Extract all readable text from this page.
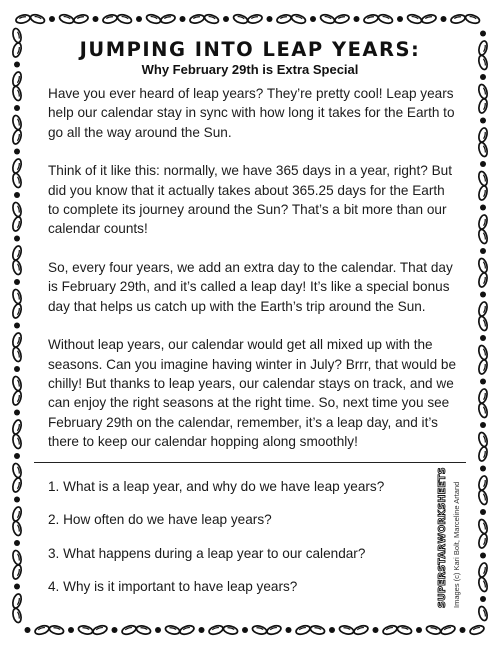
JUMPING INTO LEAP YEARS:
Why February 29th is Extra Special

Have you ever heard of leap years? They’re pretty cool! Leap years help our calendar stay in sync with how long it takes for the Earth to go all the way around the Sun.

Think of it like this: normally, we have 365 days in a year, right? But did you know that it actually takes about 365.25 days for the Earth to complete its journey around the Sun? That’s a bit more than our calendar counts!

So, every four years, we add an extra day to the calendar. That day is February 29th, and it’s called a leap day! It’s like a special bonus day that helps us catch up with the Earth’s trip around the Sun.

Without leap years, our calendar would get all mixed up with the seasons. Can you imagine having winter in July? Brrr, that would be chilly! But thanks to leap years, our calendar stays on track, and we can enjoy the right seasons at the right time. So, next time you see February 29th on the calendar, remember, it’s a leap day, and it’s there to keep our calendar hopping along smoothly!

1. What is a leap year, and why do we have leap years?
2. How often do we have leap years?
3. What happens during a leap year to our calendar?
4. Why is it important to have leap years?	SUPERSTARWORKSHEETS Images (c) Kari Bolt, Marceline Artand
